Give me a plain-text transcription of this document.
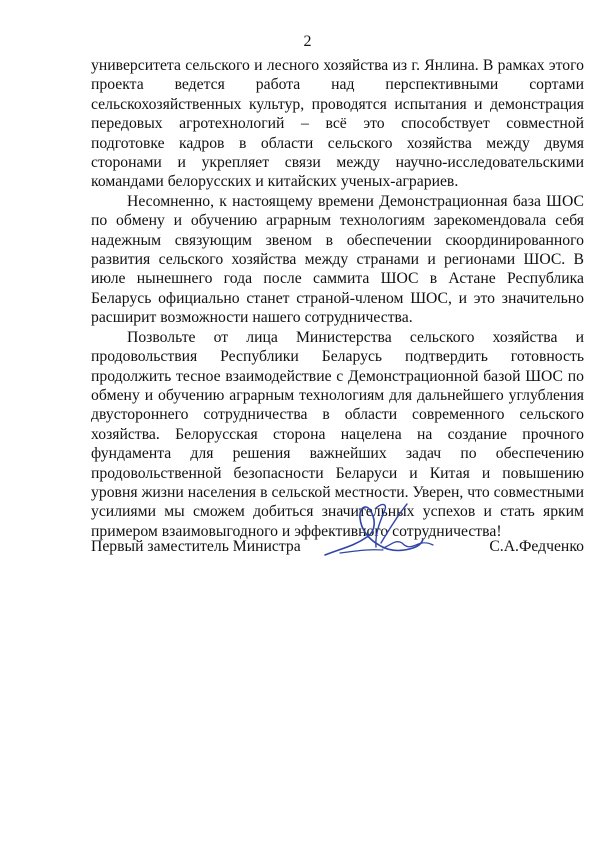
2

университета сельского и лесного хозяйства из г. Янлина. В рамках этого проекта ведется работа над перспективными сортами сельскохозяйственных культур, проводятся испытания и демонстрация передовых агротехнологий – всё это способствует совместной подготовке кадров в области сельского хозяйства между двумя сторонами и укрепляет связи между научно-исследовательскими командами белорусских и китайских ученых-аграриев.

Несомненно, к настоящему времени Демонстрационная база ШОС по обмену и обучению аграрным технологиям зарекомендовала себя надежным связующим звеном в обеспечении скоординированного развития сельского хозяйства между странами и регионами ШОС. В июле нынешнего года после саммита ШОС в Астане Республика Беларусь официально станет страной-членом ШОС, и это значительно расширит возможности нашего сотрудничества.

Позвольте от лица Министерства сельского хозяйства и продовольствия Республики Беларусь подтвердить готовность продолжить тесное взаимодействие с Демонстрационной базой ШОС по обмену и обучению аграрным технологиям для дальнейшего углубления двустороннего сотрудничества в области современного сельского хозяйства. Белорусская сторона нацелена на создание прочного фундамента для решения важнейших задач по обеспечению продовольственной безопасности Беларуси и Китая и повышению уровня жизни населения в сельской местности. Уверен, что совместными усилиями мы сможем добиться значительных успехов и стать ярким примером взаимовыгодного и эффективного сотрудничества!

Первый заместитель Министра	С.А.Федченко
